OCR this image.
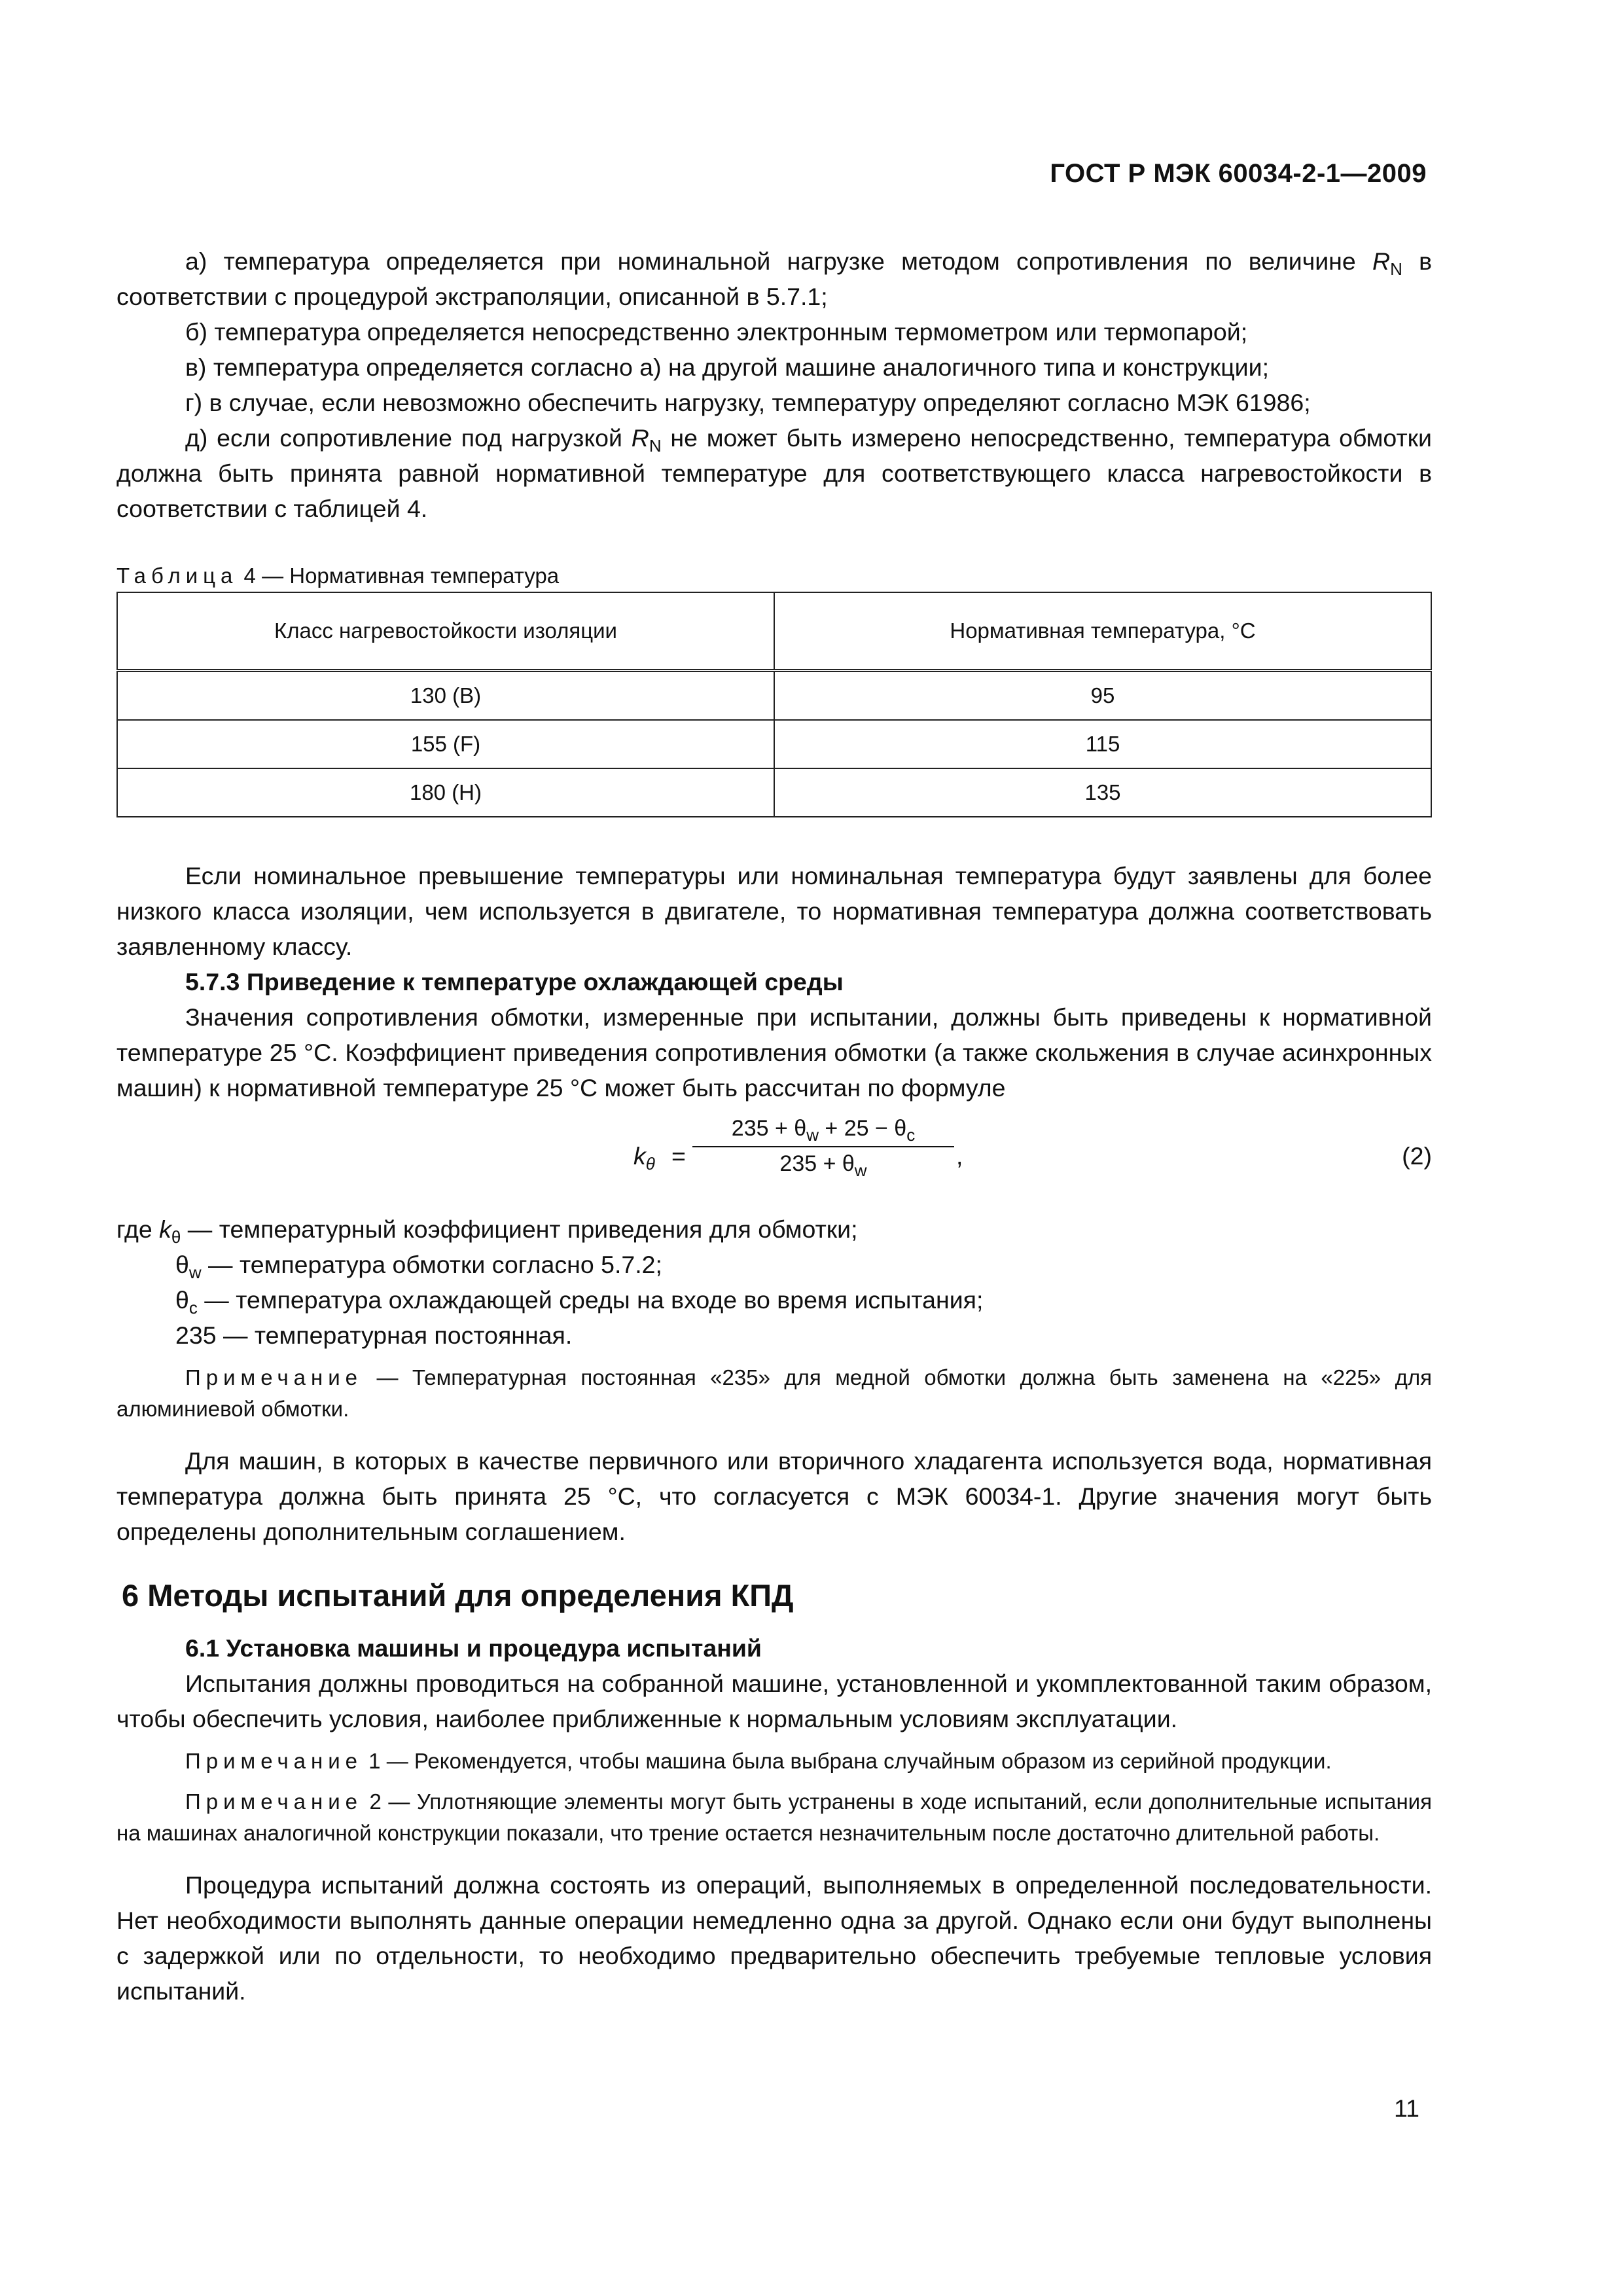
ГОСТ Р МЭК 60034-2-1—2009

а) температура определяется при номинальной нагрузке методом сопротивления по величине $R_N$ в соответствии с процедурой экстраполяции, описанной в 5.7.1;

б) температура определяется непосредственно электронным термометром или термопарой;

в) температура определяется согласно а) на другой машине аналогичного типа и конструкции;

г) в случае, если невозможно обеспечить нагрузку, температуру определяют согласно МЭК 61986;

д) если сопротивление под нагрузкой $R_N$ не может быть измерено непосредственно, температура обмотки должна быть принята равной нормативной температуре для соответствующего класса нагревостойкости в соответствии с таблицей 4.

Таблица 4 — Нормативная температура
Класс нагревостойкости изоляции	Нормативная температура, °С
130 (В)	95
155 (F)	115
180 (Н)	135

Если номинальное превышение температуры или номинальная температура будут заявлены для более низкого класса изоляции, чем используется в двигателе, то нормативная температура должна соответствовать заявленному классу.

5.7.3 Приведение к температуре охлаждающей среды

Значения сопротивления обмотки, измеренные при испытании, должны быть приведены к нормативной температуре 25 °С. Коэффициент приведения сопротивления обмотки (а также скольжения в случае асинхронных машин) к нормативной температуре 25 °С может быть рассчитан по формуле

$k_\theta = \frac{235 + \theta_w + 25 - \theta_c}{235 + \theta_w}$ ,	(2)

где $k_\theta$ — температурный коэффициент приведения для обмотки;

$\theta_w$ — температура обмотки согласно 5.7.2;

$\theta_с$ — температура охлаждающей среды на входе во время испытания;

235 — температурная постоянная.

Примечание — Температурная постоянная «235» для медной обмотки должна быть заменена на «225» для алюминиевой обмотки.

Для машин, в которых в качестве первичного или вторичного хладагента используется вода, нормативная температура должна быть принята 25 °С, что согласуется с МЭК 60034-1. Другие значения могут быть определены дополнительным соглашением.

6 Методы испытаний для определения КПД

6.1 Установка машины и процедура испытаний

Испытания должны проводиться на собранной машине, установленной и укомплектованной таким образом, чтобы обеспечить условия, наиболее приближенные к нормальным условиям эксплуатации.

Примечание 1 — Рекомендуется, чтобы машина была выбрана случайным образом из серийной продукции.

Примечание 2 — Уплотняющие элементы могут быть устранены в ходе испытаний, если дополнительные испытания на машинах аналогичной конструкции показали, что трение остается незначительным после достаточно длительной работы.

Процедура испытаний должна состоять из операций, выполняемых в определенной последовательности. Нет необходимости выполнять данные операции немедленно одна за другой. Однако если они будут выполнены с задержкой или по отдельности, то необходимо предварительно обеспечить требуемые тепловые условия испытаний.

11
